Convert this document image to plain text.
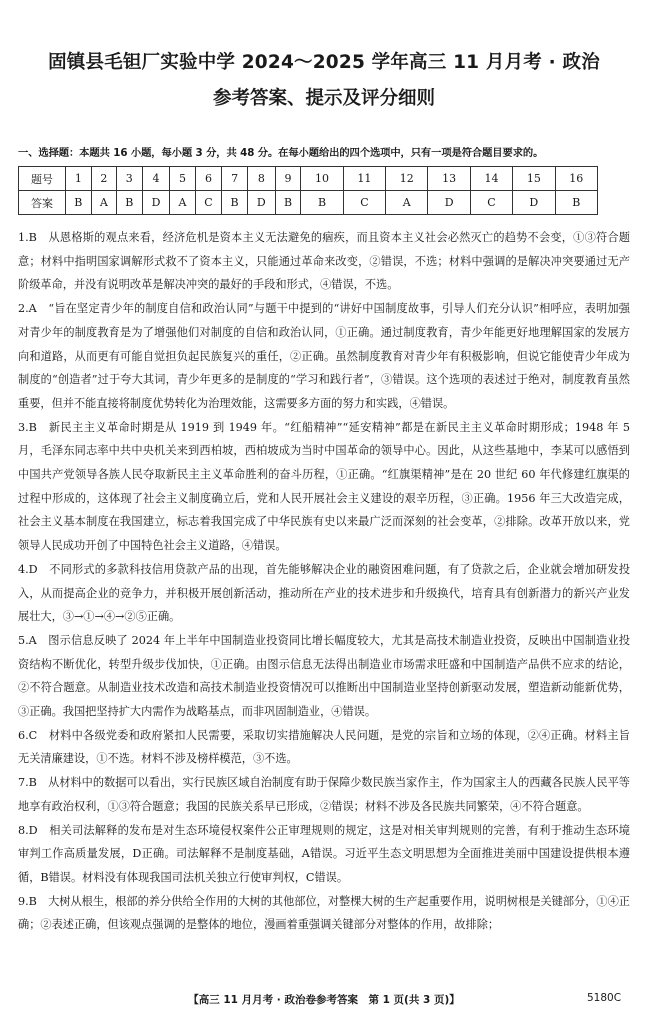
固镇县毛钽厂实验中学 2024～2025 学年高三 11 月月考 · 政治
参考答案、提示及评分细则
一、选择题：本题共 16 小题，每小题 3 分，共 48 分。在每小题给出的四个选项中，只有一项是符合题目要求的。
题号	1	2	3	4	5	6	7	8	9	10	11	12	13	14	15	16
答案	B	A	B	D	A	C	B	D	B	B	C	A	D	C	D	B

1.B　从恩格斯的观点来看，经济危机是资本主义无法避免的痼疾，而且资本主义社会必然灭亡的趋势不会变，①③符合题意；材料中指明国家调解形式救不了资本主义，只能通过革命来改变，②错误，不选；材料中强调的是解决冲突要通过无产阶级革命，并没有说明改革是解决冲突的最好的手段和形式，④错误，不选。

2.A　“旨在坚定青少年的制度自信和政治认同”与题干中提到的“讲好中国制度故事，引导人们充分认识”相呼应，表明加强对青少年的制度教育是为了增强他们对制度的自信和政治认同，①正确。通过制度教育，青少年能更好地理解国家的发展方向和道路，从而更有可能自觉担负起民族复兴的重任，②正确。虽然制度教育对青少年有积极影响，但说它能使青少年成为制度的“创造者”过于夸大其词，青少年更多的是制度的“学习和践行者”，③错误。这个选项的表述过于绝对，制度教育虽然重要，但并不能直接将制度优势转化为治理效能，这需要多方面的努力和实践，④错误。

3.B　新民主主义革命时期是从 1919 到 1949 年。“红船精神”“延安精神”都是在新民主主义革命时期形成；1948 年 5 月，毛泽东同志率中共中央机关来到西柏坡，西柏坡成为当时中国革命的领导中心。因此，从这些基地中，李某可以感悟到中国共产党领导各族人民夺取新民主主义革命胜利的奋斗历程，①正确。“红旗渠精神”是在 20 世纪 60 年代修建红旗渠的过程中形成的，这体现了社会主义制度确立后，党和人民开展社会主义建设的艰辛历程，③正确。1956 年三大改造完成，社会主义基本制度在我国建立，标志着我国完成了中华民族有史以来最广泛而深刻的社会变革，②排除。改革开放以来，党领导人民成功开创了中国特色社会主义道路，④错误。

4.D　不同形式的多款科技信用贷款产品的出现，首先能够解决企业的融资困难问题，有了贷款之后，企业就会增加研发投入，从而提高企业的竞争力，并积极开展创新活动，推动所在产业的技术进步和升级换代，培育具有创新潜力的新兴产业发展壮大，③→①→④→②⑤正确。

5.A　图示信息反映了 2024 年上半年中国制造业投资同比增长幅度较大，尤其是高技术制造业投资，反映出中国制造业投资结构不断优化，转型升级步伐加快，①正确。由图示信息无法得出制造业市场需求旺盛和中国制造产品供不应求的结论，②不符合题意。从制造业技术改造和高技术制造业投资情况可以推断出中国制造业坚持创新驱动发展，塑造新动能新优势，③正确。我国把坚持扩大内需作为战略基点，而非巩固制造业，④错误。

6.C　材料中各级党委和政府紧扣人民需要，采取切实措施解决人民问题，是党的宗旨和立场的体现，②④正确。材料主旨无关清廉建设，①不选。材料不涉及榜样模范，③不选。

7.B　从材料中的数据可以看出，实行民族区域自治制度有助于保障少数民族当家作主，作为国家主人的西藏各民族人民平等地享有政治权利，①③符合题意；我国的民族关系早已形成，②错误；材料不涉及各民族共同繁荣，④不符合题意。

8.D　相关司法解释的发布是对生态环境侵权案件公正审理规则的规定，这是对相关审判规则的完善，有利于推动生态环境审判工作高质量发展，D正确。司法解释不是制度基础，A错误。习近平生态文明思想为全面推进美丽中国建设提供根本遵循，B错误。材料没有体现我国司法机关独立行使审判权，C错误。

9.B　大树从根生，根部的养分供给全作用的大树的其他部位，对整棵大树的生产起重要作用，说明树根是关键部分，①④正确；②表述正确，但该观点强调的是整体的地位，漫画着重强调关键部分对整体的作用，故排除；

【高三 11 月月考 · 政治卷参考答案　第 1 页(共 3 页)】	5180C
